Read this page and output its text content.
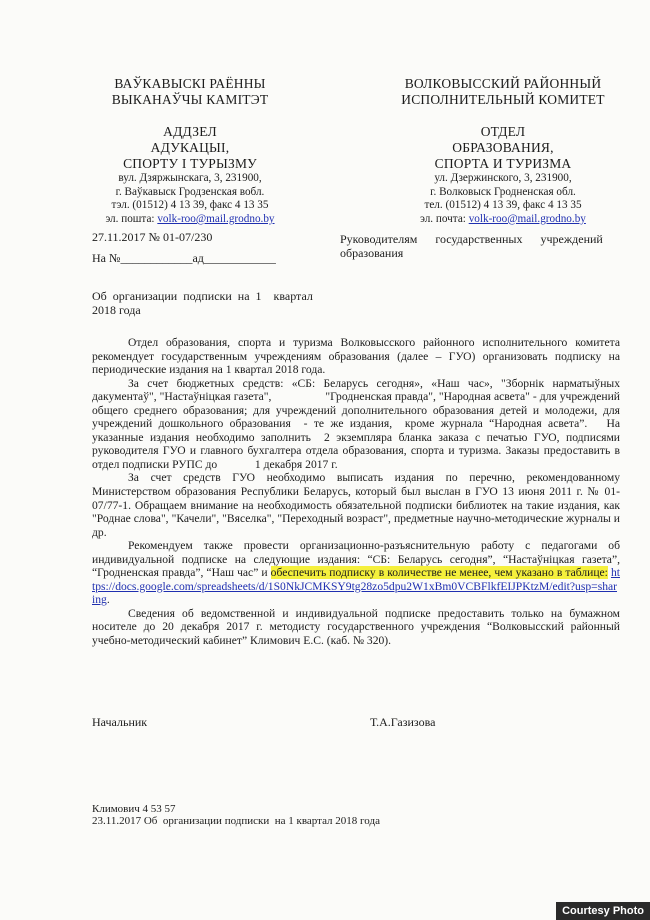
ВАЎКАВЫСКІ РАЁННЫ
ВЫКАНАЎЧЫ КАМІТЭТ
АДДЗЕЛ
АДУКАЦЫІ,
СПОРТУ І ТУРЫЗМУ
вул. Дзяржынскага, 3, 231900,
г. Ваўкавыск Гродзенская вобл.
тэл. (01512) 4 13 39, факс 4 13 35
эл. пошта: volk-roo@mail.grodno.by
ВОЛКОВЫССКИЙ РАЙОННЫЙ
ИСПОЛНИТЕЛЬНЫЙ КОМИТЕТ
ОТДЕЛ
ОБРАЗОВАНИЯ,
СПОРТА И ТУРИЗМА
ул. Дзержинского, 3, 231900,
г. Волковыск Гродненская обл.
тел. (01512) 4 13 39, факс 4 13 35
эл. почта: volk-roo@mail.grodno.by
27.11.2017 № 01-07/230
На №____________ад____________
Руководителям      государственных      учреждений
образования
Об  организации  подписки  на  1    квартал
2018 года

Отдел образования, спорта и туризма Волковысского районного исполнительного комитета рекомендует государственным учреждениям образования (далее – ГУО) организовать подписку на периодические издания на 1 квартал 2018 года.

За счет бюджетных средств: «СБ: Беларусь сегодня», «Наш час», "Зборнік нарматыўных дакументаў", "Настаўніцкая газета",                  "Гродненская правда", "Народная асвета" - для учреждений общего среднего образования; для учреждений дополнительного образования детей и молодежи, для  учреждений дошкольного образования  - те же издания,  кроме журнала “Народная асвета”.   На указанные издания необходимо заполнить  2 экземпляра бланка заказа с печатью ГУО, подписями руководителя ГУО и главного бухгалтера отдела образования, спорта и туризма. Заказы предоставить в отдел подписки РУПС до             1 декабря 2017 г.

За счет средств ГУО необходимо выписать издания по перечню, рекомендованному Министерством образования Республики Беларусь, который был выслан в ГУО 13 июня 2011 г. № 01-07/77-1. Обращаем внимание на необходимость обязательной подписки библиотек на такие издания, как "Роднае слова", "Качели", "Вяселка", "Переходный возраст", предметные научно-методические журналы и др.

Рекомендуем также провести организационно-разъяснительную работу с педагогами об индивидуальной подписке на следующие издания: “СБ: Беларусь сегодня”, “Настаўніцкая газета”, “Гродненская правда”, “Наш час” и обеспечить подписку в количестве не менее, чем указано в таблице: https://docs.google.com/spreadsheets/d/1S0NkJCMKSY9tg28zo5dpu2W1xBm0VCBFlkfEIJPKtzM/edit?usp=sharing.

Сведения об ведомственной и индивидуальной подписке предоставить только на бумажном носителе до 20 декабря 2017 г. методисту государственного учреждения “Волковысский районный учебно-методический кабинет” Климович Е.С. (каб. № 320).

Начальник	Т.А.Газизова
Климович 4 53 57
23.11.2017 Об  организации подписки  на 1 квартал 2018 года
Courtesy Photo
